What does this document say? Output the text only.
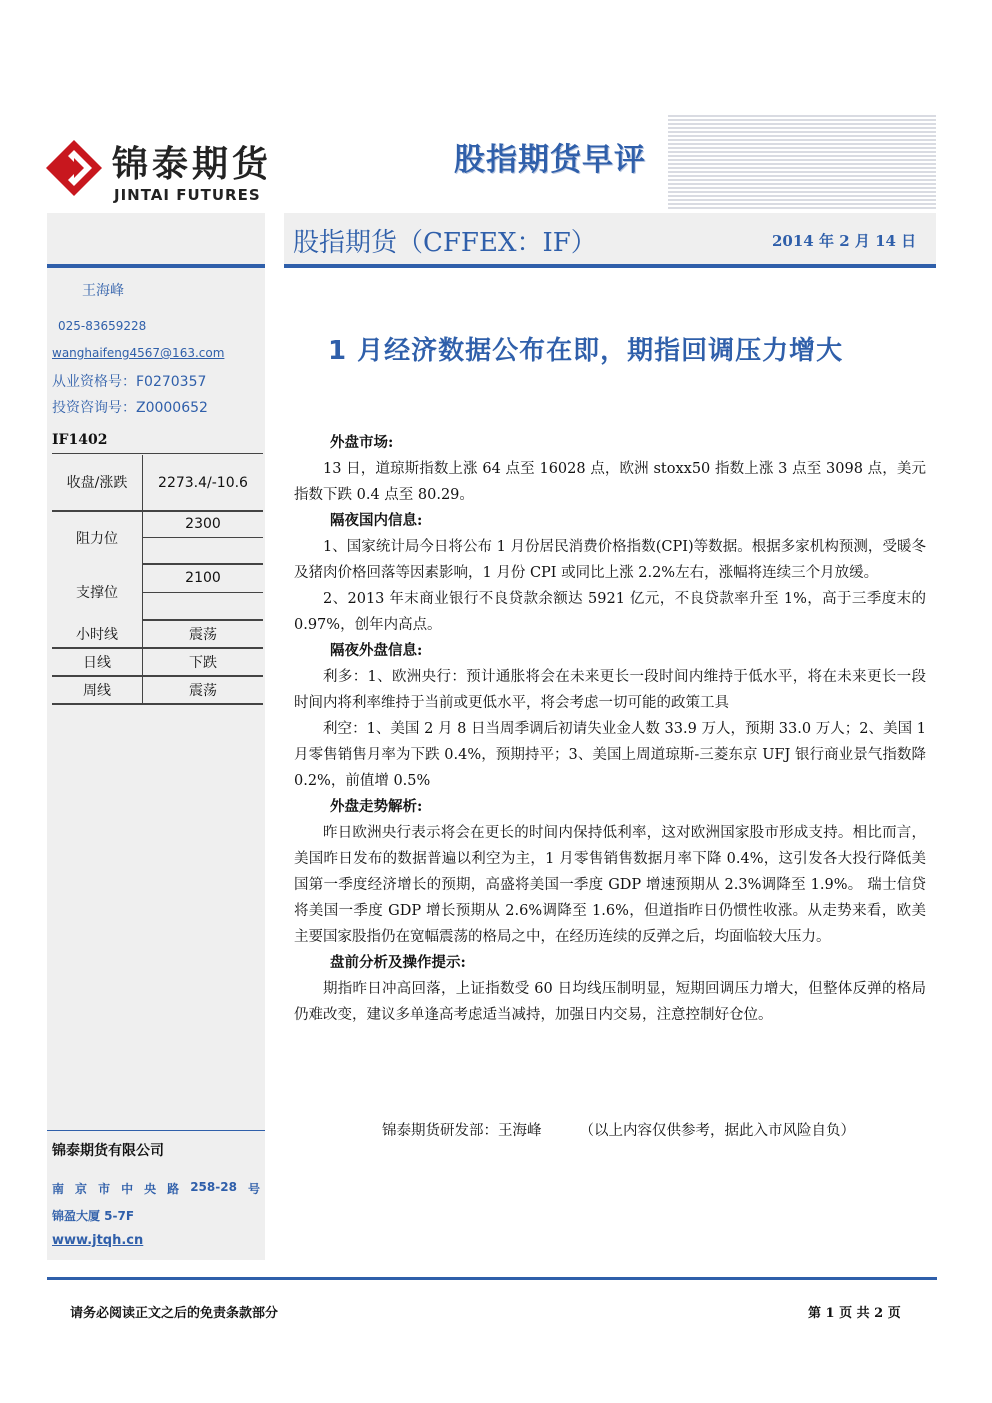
锦泰期货
JINTAI FUTURES
股指期货早评
王海峰
025-83659228
wanghaifeng4567@163.com
从业资格号：F0270357
投资咨询号：Z0000652
IF1402
收盘/涨跌	2273.4/-10.6
阻力位	2300

支撑位	2100

小时线	震荡
日线	下跌
周线	震荡
锦泰期货有限公司
南 京 市 中 央 路 258-28 号
锦盈大厦 5-7F
www.jtqh.cn
股指期货（CFFEX：IF）	2014 年 2 月 14 日
1 月经济数据公布在即，期指回调压力增大
外盘市场:

13 日，道琼斯指数上涨 64 点至 16028 点，欧洲 stoxx50 指数上涨 3 点至 3098 点，美元指数下跌 0.4 点至 80.29。

隔夜国内信息:

1、国家统计局今日将公布 1 月份居民消费价格指数(CPI)等数据。根据多家机构预测，受暖冬及猪肉价格回落等因素影响，1 月份 CPI 或同比上涨 2.2%左右，涨幅将连续三个月放缓。

2、2013 年末商业银行不良贷款余额达 5921 亿元，不良贷款率升至 1%，高于三季度末的 0.97%，创年内高点。

隔夜外盘信息:

利多：1、欧洲央行：预计通胀将会在未来更长一段时间内维持于低水平，将在未来更长一段时间内将利率维持于当前或更低水平，将会考虑一切可能的政策工具

利空：1、美国 2 月 8 日当周季调后初请失业金人数 33.9 万人，预期 33.0 万人；2、美国 1 月零售销售月率为下跌 0.4%，预期持平；3、美国上周道琼斯-三菱东京 UFJ 银行商业景气指数降 0.2%，前值增 0.5%

外盘走势解析:

昨日欧洲央行表示将会在更长的时间内保持低利率，这对欧洲国家股市形成支持。相比而言，美国昨日发布的数据普遍以利空为主，1 月零售销售数据月率下降 0.4%，这引发各大投行降低美国第一季度经济增长的预期，高盛将美国一季度 GDP 增速预期从 2.3%调降至 1.9%。 瑞士信贷将美国一季度 GDP 增长预期从 2.6%调降至 1.6%，但道指昨日仍惯性收涨。从走势来看，欧美主要国家股指仍在宽幅震荡的格局之中，在经历连续的反弹之后，均面临较大压力。

盘前分析及操作提示:

期指昨日冲高回落，上证指数受 60 日均线压制明显，短期回调压力增大，但整体反弹的格局仍难改变，建议多单逢高考虑适当减持，加强日内交易，注意控制好仓位。

锦泰期货研发部：王海峰	（以上内容仅供参考，据此入市风险自负）
请务必阅读正文之后的免责条款部分	第 1 页 共 2 页
